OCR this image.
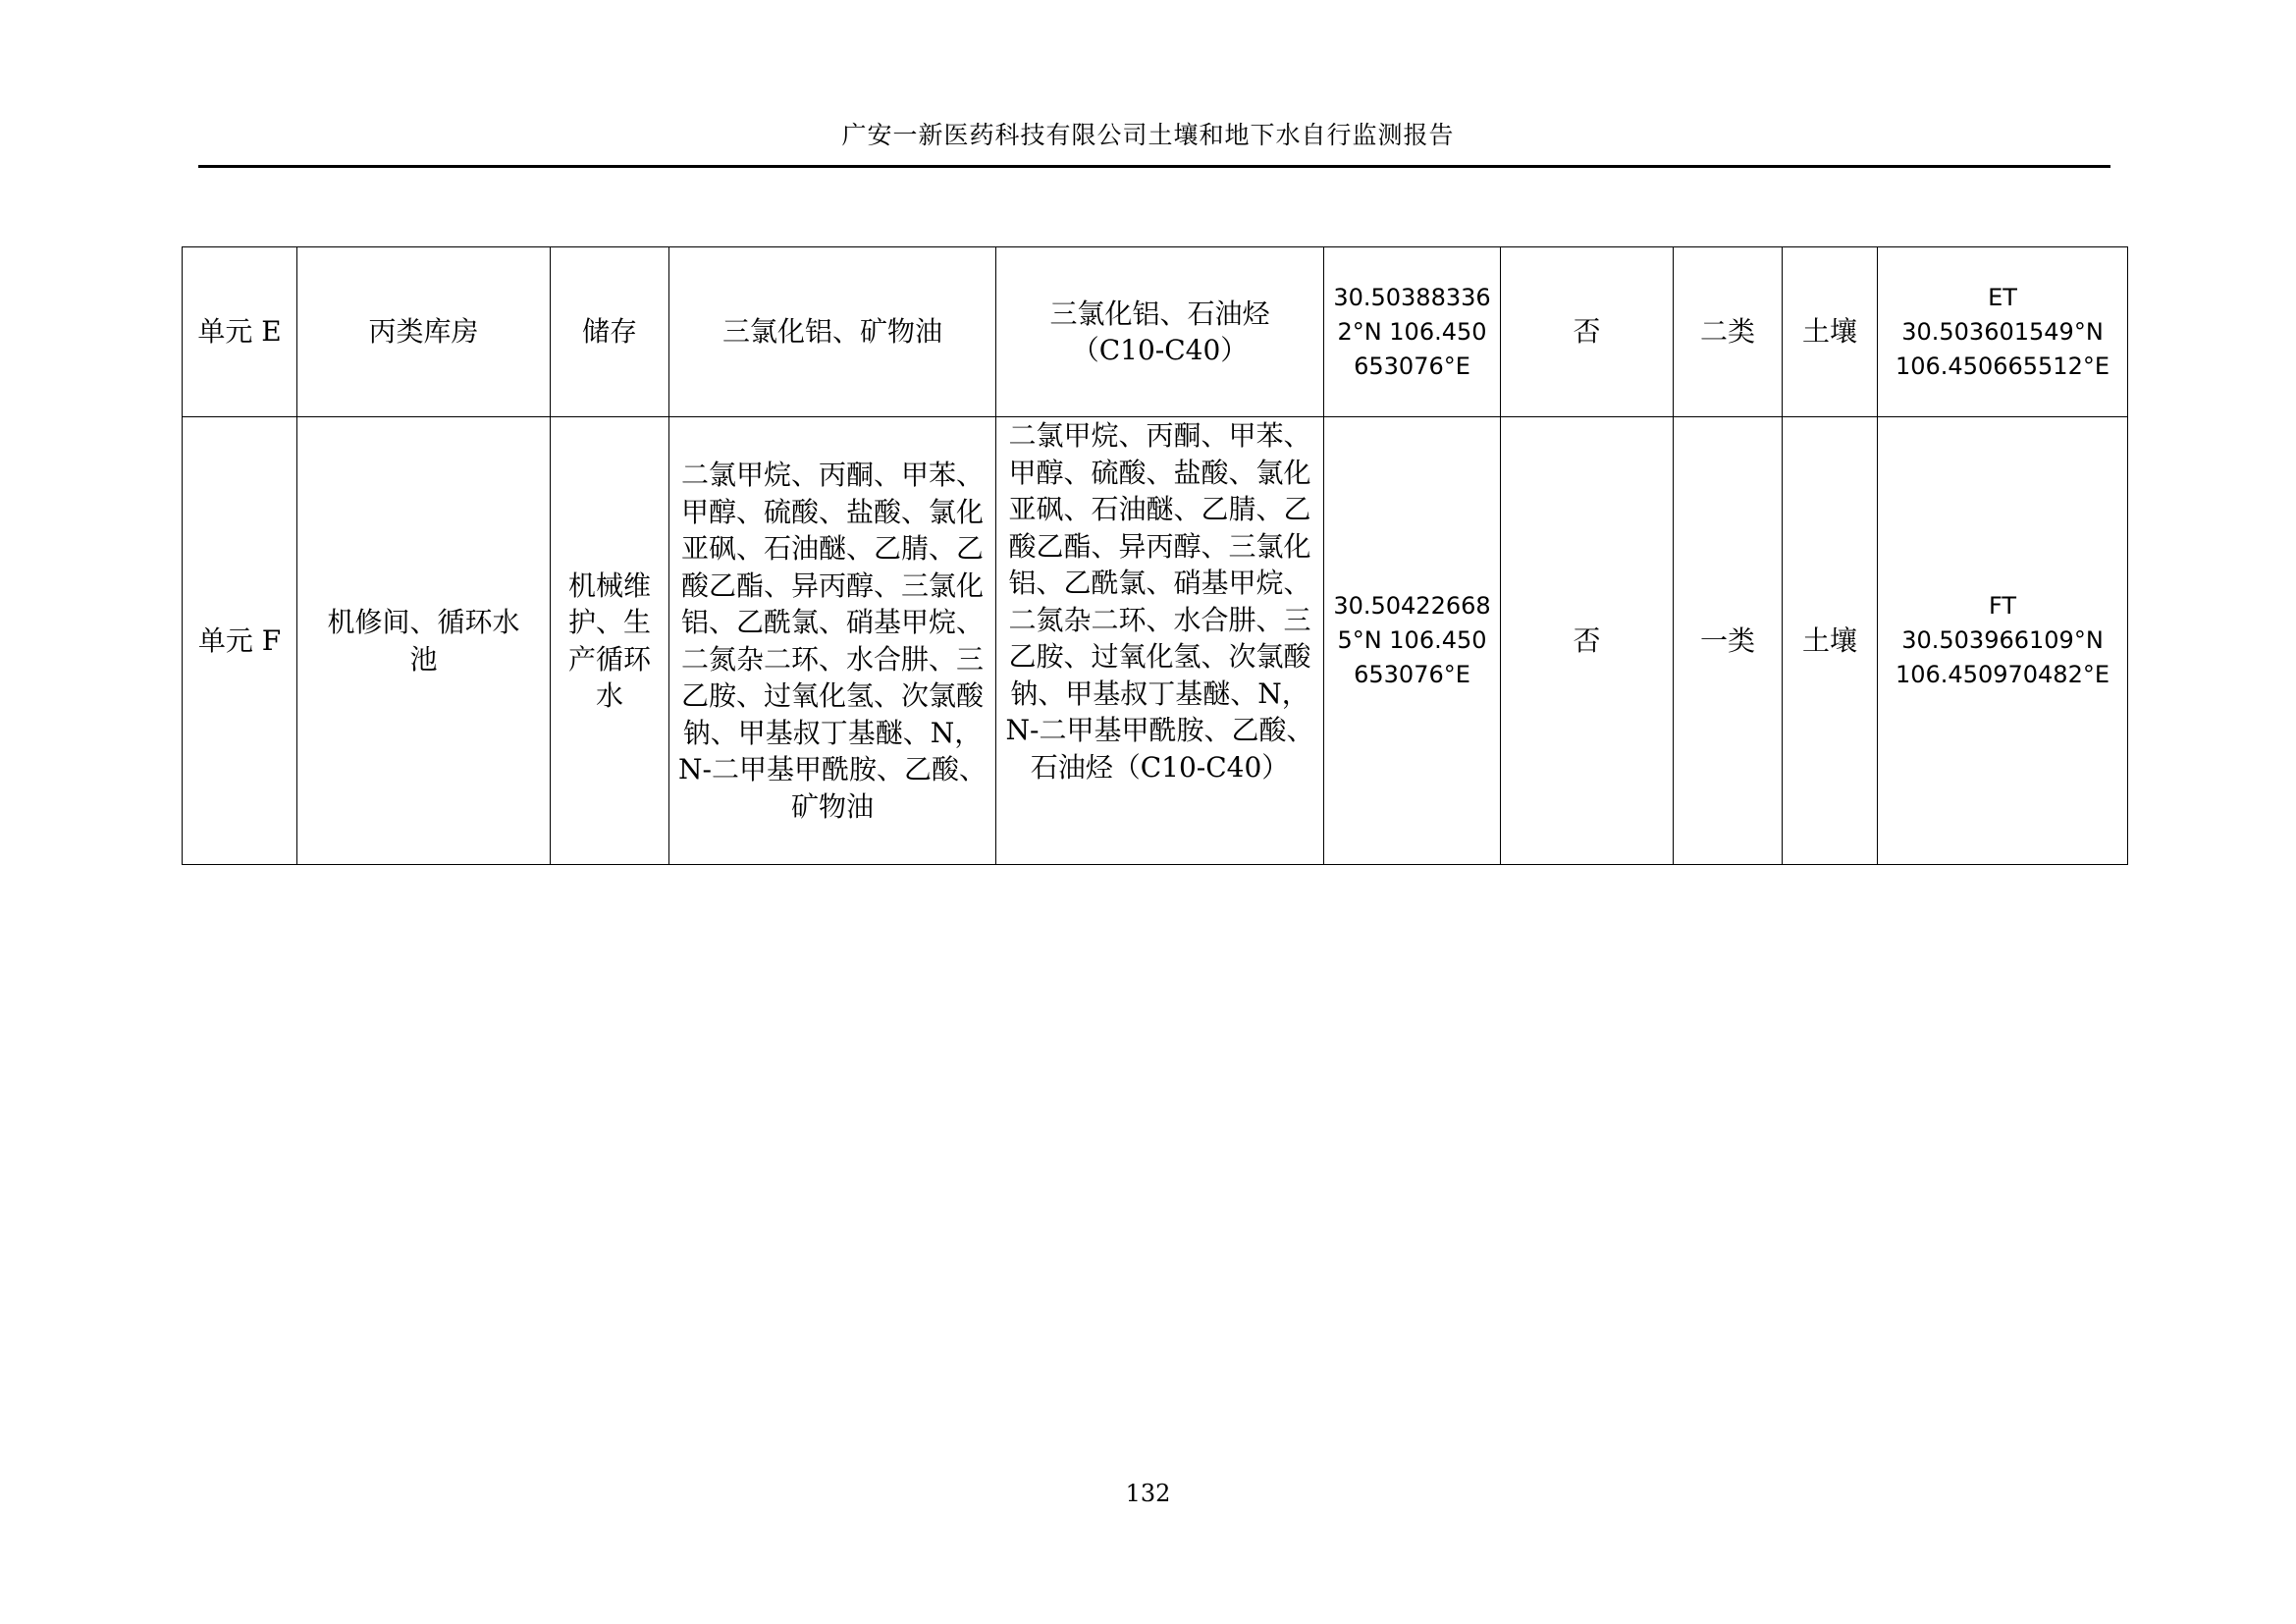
广安一新医药科技有限公司土壤和地下水自行监测报告
单元 E	丙类库房	储存	三氯化铝、矿物油	三氯化铝、石油烃（C10-C40）	30.503883362°N 106.450653076°E	否	二类	土壤	ET
30.503601549°N
106.450665512°E

单元 F	机修间、循环水池	机械维护、生产循环水	二氯甲烷、丙酮、甲苯、甲醇、硫酸、盐酸、氯化亚砜、石油醚、乙腈、乙酸乙酯、异丙醇、三氯化铝、乙酰氯、硝基甲烷、二氮杂二环、水合肼、三乙胺、过氧化氢、次氯酸钠、甲基叔丁基醚、N，N-二甲基甲酰胺、乙酸、矿物油	二氯甲烷、丙酮、甲苯、甲醇、硫酸、盐酸、氯化亚砜、石油醚、乙腈、乙酸乙酯、异丙醇、三氯化铝、乙酰氯、硝基甲烷、二氮杂二环、水合肼、三乙胺、过氧化氢、次氯酸钠、甲基叔丁基醚、N，N-二甲基甲酰胺、乙酸、石油烃（C10-C40）	30.504226685°N 106.450653076°E	否	一类	土壤	FT
30.503966109°N
106.450970482°E
132
